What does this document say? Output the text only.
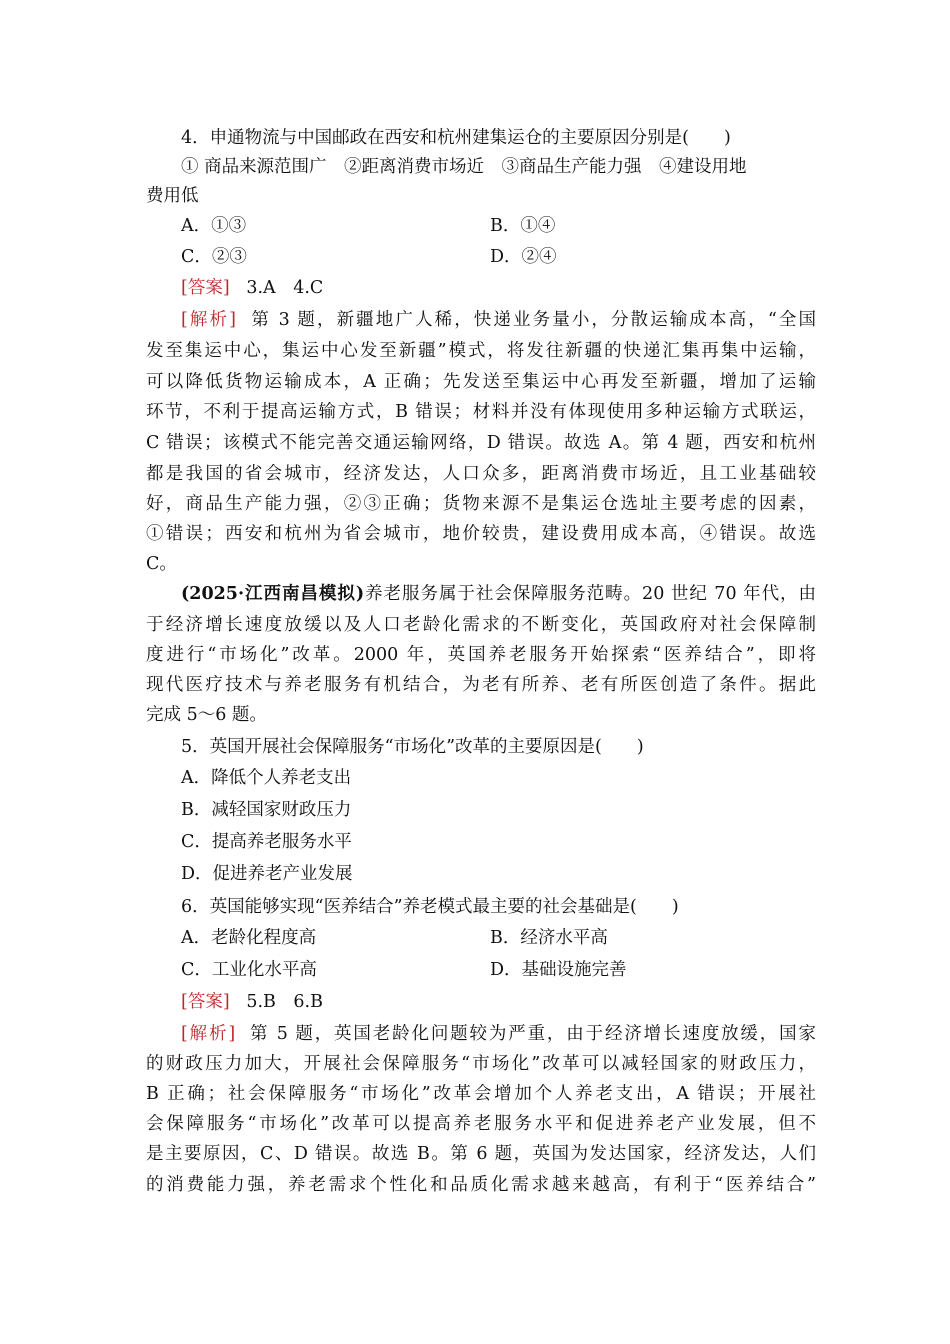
4．申通物流与中国邮政在西安和杭州建集运仓的主要原因分别是(　　)
① 商品来源范围广　②距离消费市场近　③商品生产能力强　④建设用地
费用低
A．①③	B．①④
C．②③	D．②④
[答案] 3.A　4.C
[解析] 第 3 题，新疆地广人稀，快递业务量小，分散运输成本高，“全国
发至集运中心，集运中心发至新疆”模式，将发往新疆的快递汇集再集中运输，
可以降低货物运输成本，A 正确；先发送至集运中心再发至新疆，增加了运输
环节，不利于提高运输方式，B 错误；材料并没有体现使用多种运输方式联运，
C 错误；该模式不能完善交通运输网络，D 错误。故选 A。第 4 题，西安和杭州
都是我国的省会城市，经济发达，人口众多，距离消费市场近，且工业基础较
好，商品生产能力强，②③正确；货物来源不是集运仓选址主要考虑的因素，
①错误；西安和杭州为省会城市，地价较贵，建设费用成本高，④错误。故选
C。
(2025·江西南昌模拟)养老服务属于社会保障服务范畴。20 世纪 70 年代，由
于经济增长速度放缓以及人口老龄化需求的不断变化，英国政府对社会保障制
度进行“市场化”改革。2000 年，英国养老服务开始探索“医养结合”，即将
现代医疗技术与养老服务有机结合，为老有所养、老有所医创造了条件。据此
完成 5～6 题。
5．英国开展社会保障服务“市场化”改革的主要原因是(　　)
A．降低个人养老支出
B．减轻国家财政压力
C．提高养老服务水平
D．促进养老产业发展
6．英国能够实现“医养结合”养老模式最主要的社会基础是(　　)
A．老龄化程度高	B．经济水平高
C．工业化水平高	D．基础设施完善
[答案] 5.B　6.B
[解析] 第 5 题，英国老龄化问题较为严重，由于经济增长速度放缓，国家
的财政压力加大，开展社会保障服务“市场化”改革可以减轻国家的财政压力，
B 正确；社会保障服务“市场化”改革会增加个人养老支出，A 错误；开展社
会保障服务“市场化”改革可以提高养老服务水平和促进养老产业发展，但不
是主要原因，C、D 错误。故选 B。第 6 题，英国为发达国家，经济发达，人们
的消费能力强，养老需求个性化和品质化需求越来越高，有利于“医养结合”
